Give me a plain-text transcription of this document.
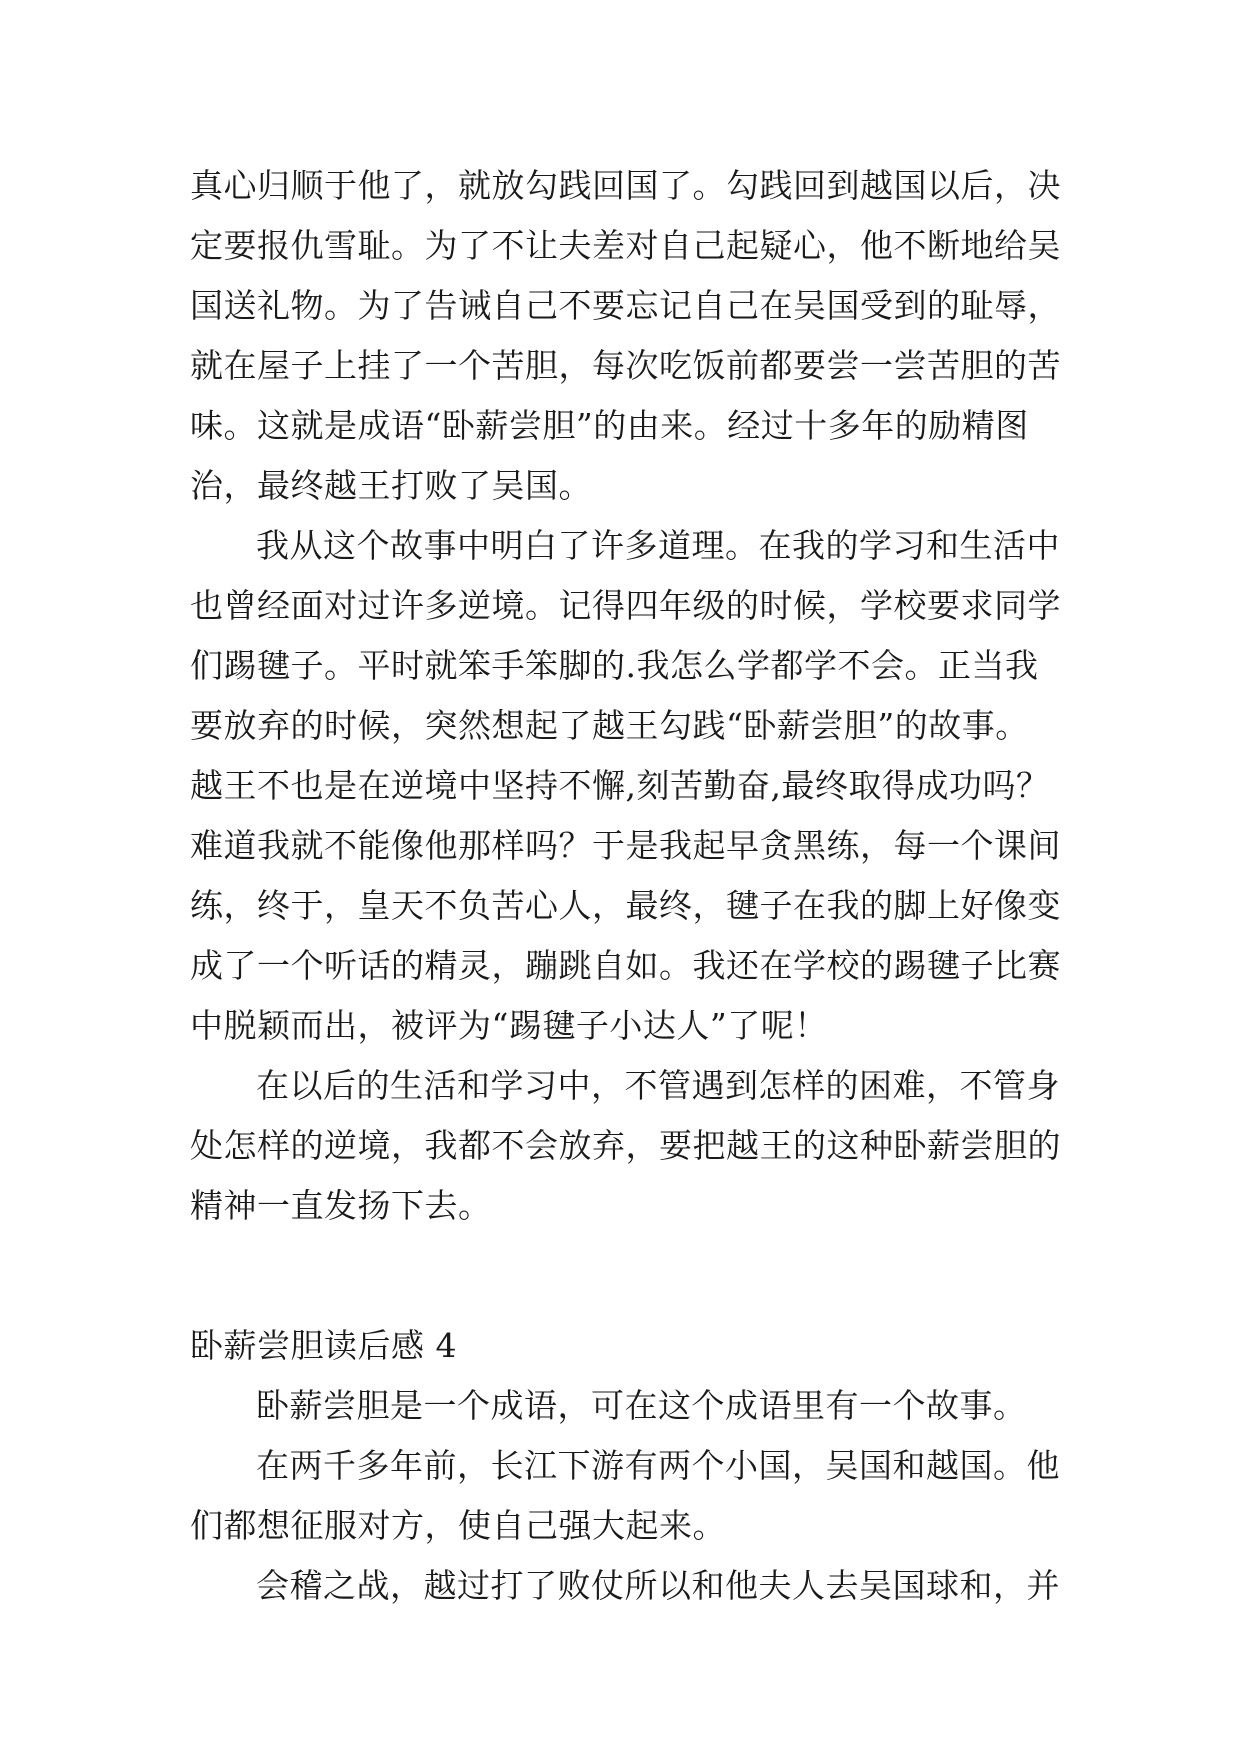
真心归顺于他了，就放勾践回国了。勾践回到越国以后，决
定要报仇雪耻。为了不让夫差对自己起疑心，他不断地给吴
国送礼物。为了告诫自己不要忘记自己在吴国受到的耻辱，
就在屋子上挂了一个苦胆，每次吃饭前都要尝一尝苦胆的苦
味。这就是成语“卧薪尝胆”的由来。经过十多年的励精图
治，最终越王打败了吴国。
我从这个故事中明白了许多道理。在我的学习和生活中
也曾经面对过许多逆境。记得四年级的时候，学校要求同学
们踢毽子。平时就笨手笨脚的.我怎么学都学不会。正当我
要放弃的时候，突然想起了越王勾践“卧薪尝胆”的故事。
越王不也是在逆境中坚持不懈,刻苦勤奋,最终取得成功吗？
难道我就不能像他那样吗？于是我起早贪黑练，每一个课间
练，终于，皇天不负苦心人，最终，毽子在我的脚上好像变
成了一个听话的精灵，蹦跳自如。我还在学校的踢毽子比赛
中脱颖而出，被评为“踢毽子小达人”了呢！
在以后的生活和学习中，不管遇到怎样的困难，不管身
处怎样的逆境，我都不会放弃，要把越王的这种卧薪尝胆的
精神一直发扬下去。
卧薪尝胆读后感 4
卧薪尝胆是一个成语，可在这个成语里有一个故事。
在两千多年前，长江下游有两个小国，吴国和越国。他
们都想征服对方，使自己强大起来。
会稽之战，越过打了败仗所以和他夫人去吴国球和，并
